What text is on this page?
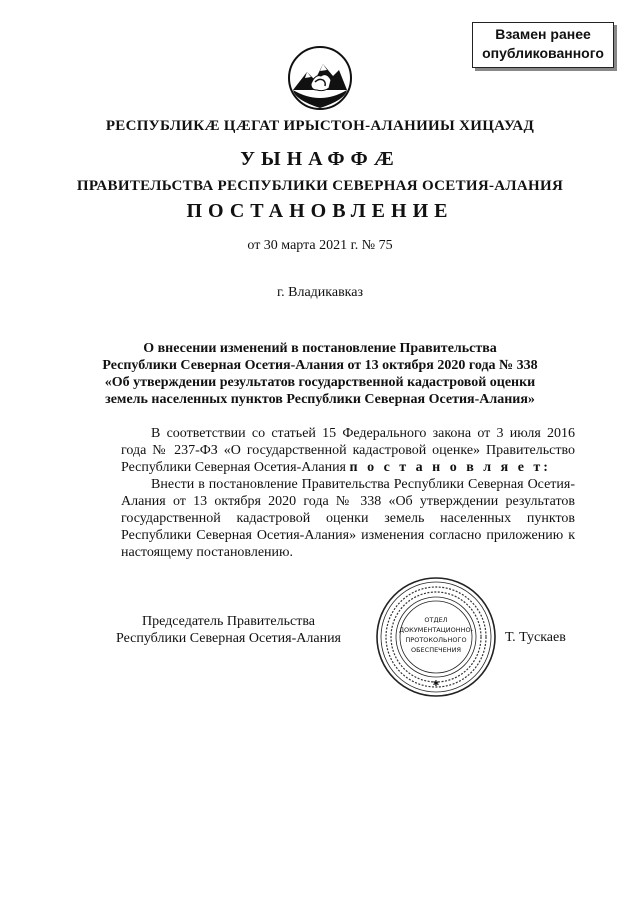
Взамен ранее
опубликованного
РЕСПУБЛИКӔ ЦӔГАТ ИРЫСТОН-АЛАНИИЫ ХИЦАУАД
УЫНАФФӔ
ПРАВИТЕЛЬСТВА РЕСПУБЛИКИ СЕВЕРНАЯ ОСЕТИЯ-АЛАНИЯ
ПОСТАНОВЛЕНИЕ
от 30 марта 2021 г. № 75
г. Владикавказ
О внесении изменений в постановление Правительства
Республики Северная Осетия-Алания от 13 октября 2020 года № 338
«Об утверждении результатов государственной кадастровой оценки
земель населенных пунктов Республики Северная Осетия-Алания»
В соответствии со статьей 15 Федерального закона от 3 июля 2016 года № 237-ФЗ «О государственной кадастровой оценке» Правительство Республики Северная Осетия-Алания п о с т а н о в л я е т:
Внести в постановление Правительства Республики Северная Осетия-Алания от 13 октября 2020 года № 338 «Об утверждении результатов государственной кадастровой оценки земель населенных пунктов Республики Северная Осетия-Алания» изменения согласно приложению к настоящему постановлению.
Председатель Правительства
Республики Северная Осетия-Алания
ОТДЕЛ
ДОКУМЕНТАЦИОННО-
ПРОТОКОЛЬНОГО
ОБЕСПЕЧЕНИЯ
✱
Т. Тускаев
